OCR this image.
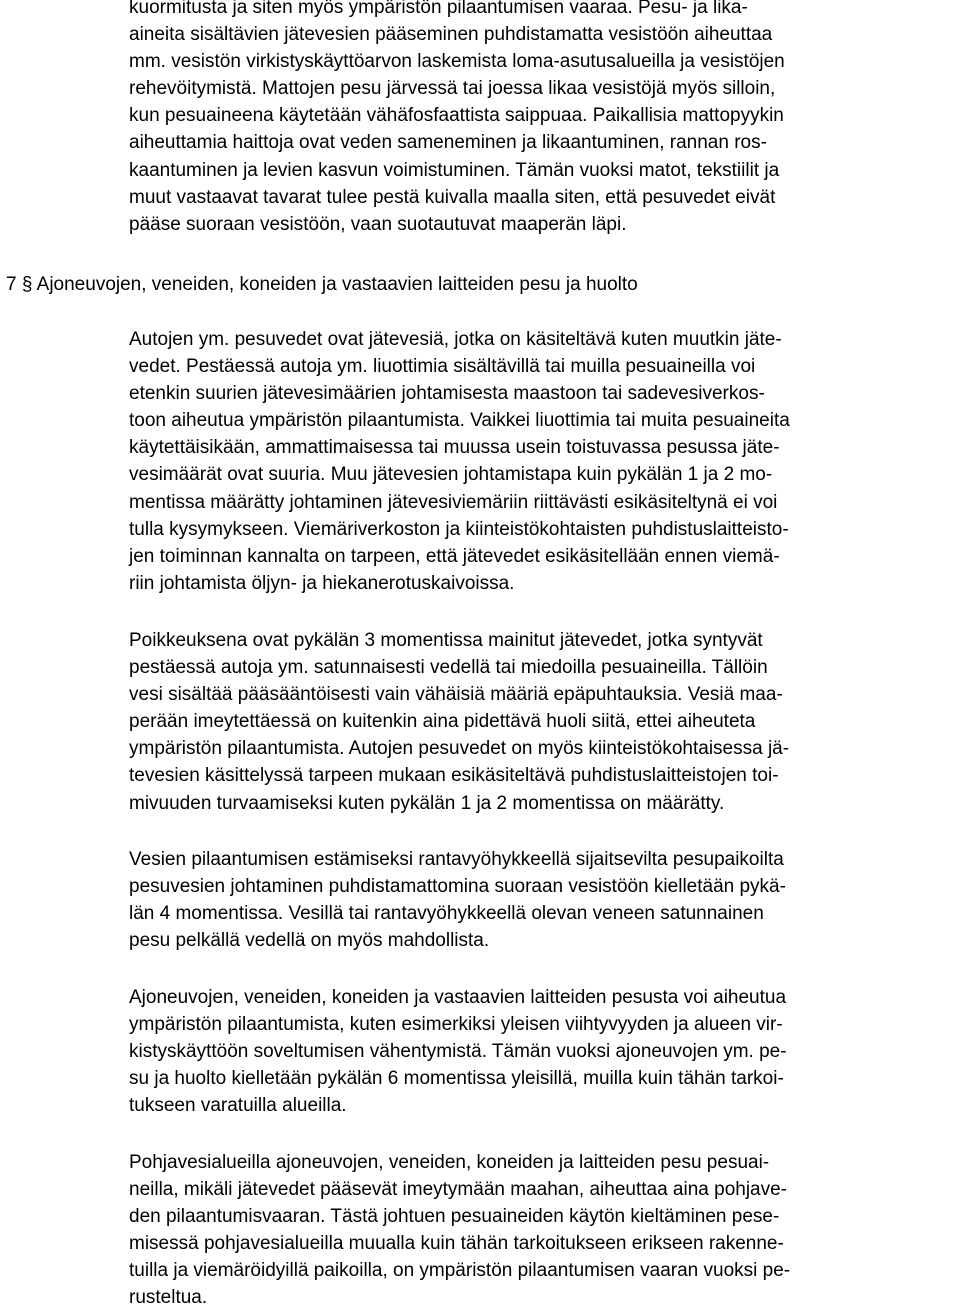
kuormitusta ja siten myös ympäristön pilaantumisen vaaraa. Pesu- ja lika-
aineita sisältävien jätevesien pääseminen puhdistamatta vesistöön aiheuttaa
mm. vesistön virkistyskäyttöarvon laskemista loma-asutusalueilla ja vesistöjen
rehevöitymistä. Mattojen pesu järvessä tai joessa likaa vesistöjä myös silloin,
kun pesuaineena käytetään vähäfosfaattista saippuaa. Paikallisia mattopyykin
aiheuttamia haittoja ovat veden sameneminen ja likaantuminen, rannan ros-
kaantuminen ja levien kasvun voimistuminen. Tämän vuoksi matot, tekstiilit ja
muut vastaavat tavarat tulee pestä kuivalla maalla siten, että pesuvedet eivät
pääse suoraan vesistöön, vaan suotautuvat maaperän läpi.
7 § Ajoneuvojen, veneiden, koneiden ja vastaavien laitteiden pesu ja huolto
Autojen ym. pesuvedet ovat jätevesiä, jotka on käsiteltävä kuten muutkin jäte-
vedet. Pestäessä autoja ym. liuottimia sisältävillä tai muilla pesuaineilla voi
etenkin suurien jätevesimäärien johtamisesta maastoon tai sadevesiverkos-
toon aiheutua ympäristön pilaantumista. Vaikkei liuottimia tai muita pesuaineita
käytettäisikään, ammattimaisessa tai muussa usein toistuvassa pesussa jäte-
vesimäärät ovat suuria. Muu jätevesien johtamistapa kuin pykälän 1 ja 2 mo-
mentissa määrätty johtaminen jätevesiviemäriin riittävästi esikäsiteltynä ei voi
tulla kysymykseen. Viemäriverkoston ja kiinteistökohtaisten puhdistuslaitteisto-
jen toiminnan kannalta on tarpeen, että jätevedet esikäsitellään ennen viemä-
riin johtamista öljyn- ja hiekanerotuskaivoissa.
Poikkeuksena ovat pykälän 3 momentissa mainitut jätevedet, jotka syntyvät
pestäessä autoja ym. satunnaisesti vedellä tai miedoilla pesuaineilla. Tällöin
vesi sisältää pääsääntöisesti vain vähäisiä määriä epäpuhtauksia. Vesiä maa-
perään imeytettäessä on kuitenkin aina pidettävä huoli siitä, ettei aiheuteta
ympäristön pilaantumista. Autojen pesuvedet on myös kiinteistökohtaisessa jä-
tevesien käsittelyssä tarpeen mukaan esikäsiteltävä puhdistuslaitteistojen toi-
mivuuden turvaamiseksi kuten pykälän 1 ja 2 momentissa on määrätty.
Vesien pilaantumisen estämiseksi rantavyöhykkeellä sijaitsevilta pesupaikoilta
pesuvesien johtaminen puhdistamattomina suoraan vesistöön kielletään pykä-
län 4 momentissa. Vesillä tai rantavyöhykkeellä olevan veneen satunnainen
pesu pelkällä vedellä on myös mahdollista.
Ajoneuvojen, veneiden, koneiden ja vastaavien laitteiden pesusta voi aiheutua
ympäristön pilaantumista, kuten esimerkiksi yleisen viihtyvyyden ja alueen vir-
kistyskäyttöön soveltumisen vähentymistä. Tämän vuoksi ajoneuvojen ym. pe-
su ja huolto kielletään pykälän 6 momentissa yleisillä, muilla kuin tähän tarkoi-
tukseen varatuilla alueilla.
Pohjavesialueilla ajoneuvojen, veneiden, koneiden ja laitteiden pesu pesuai-
neilla, mikäli jätevedet pääsevät imeytymään maahan, aiheuttaa aina pohjave-
den pilaantumisvaaran. Tästä johtuen pesuaineiden käytön kieltäminen pese-
misessä pohjavesialueilla muualla kuin tähän tarkoitukseen erikseen rakenne-
tuilla ja viemäröidyillä paikoilla, on ympäristön pilaantumisen vaaran vuoksi pe-
rusteltua.
